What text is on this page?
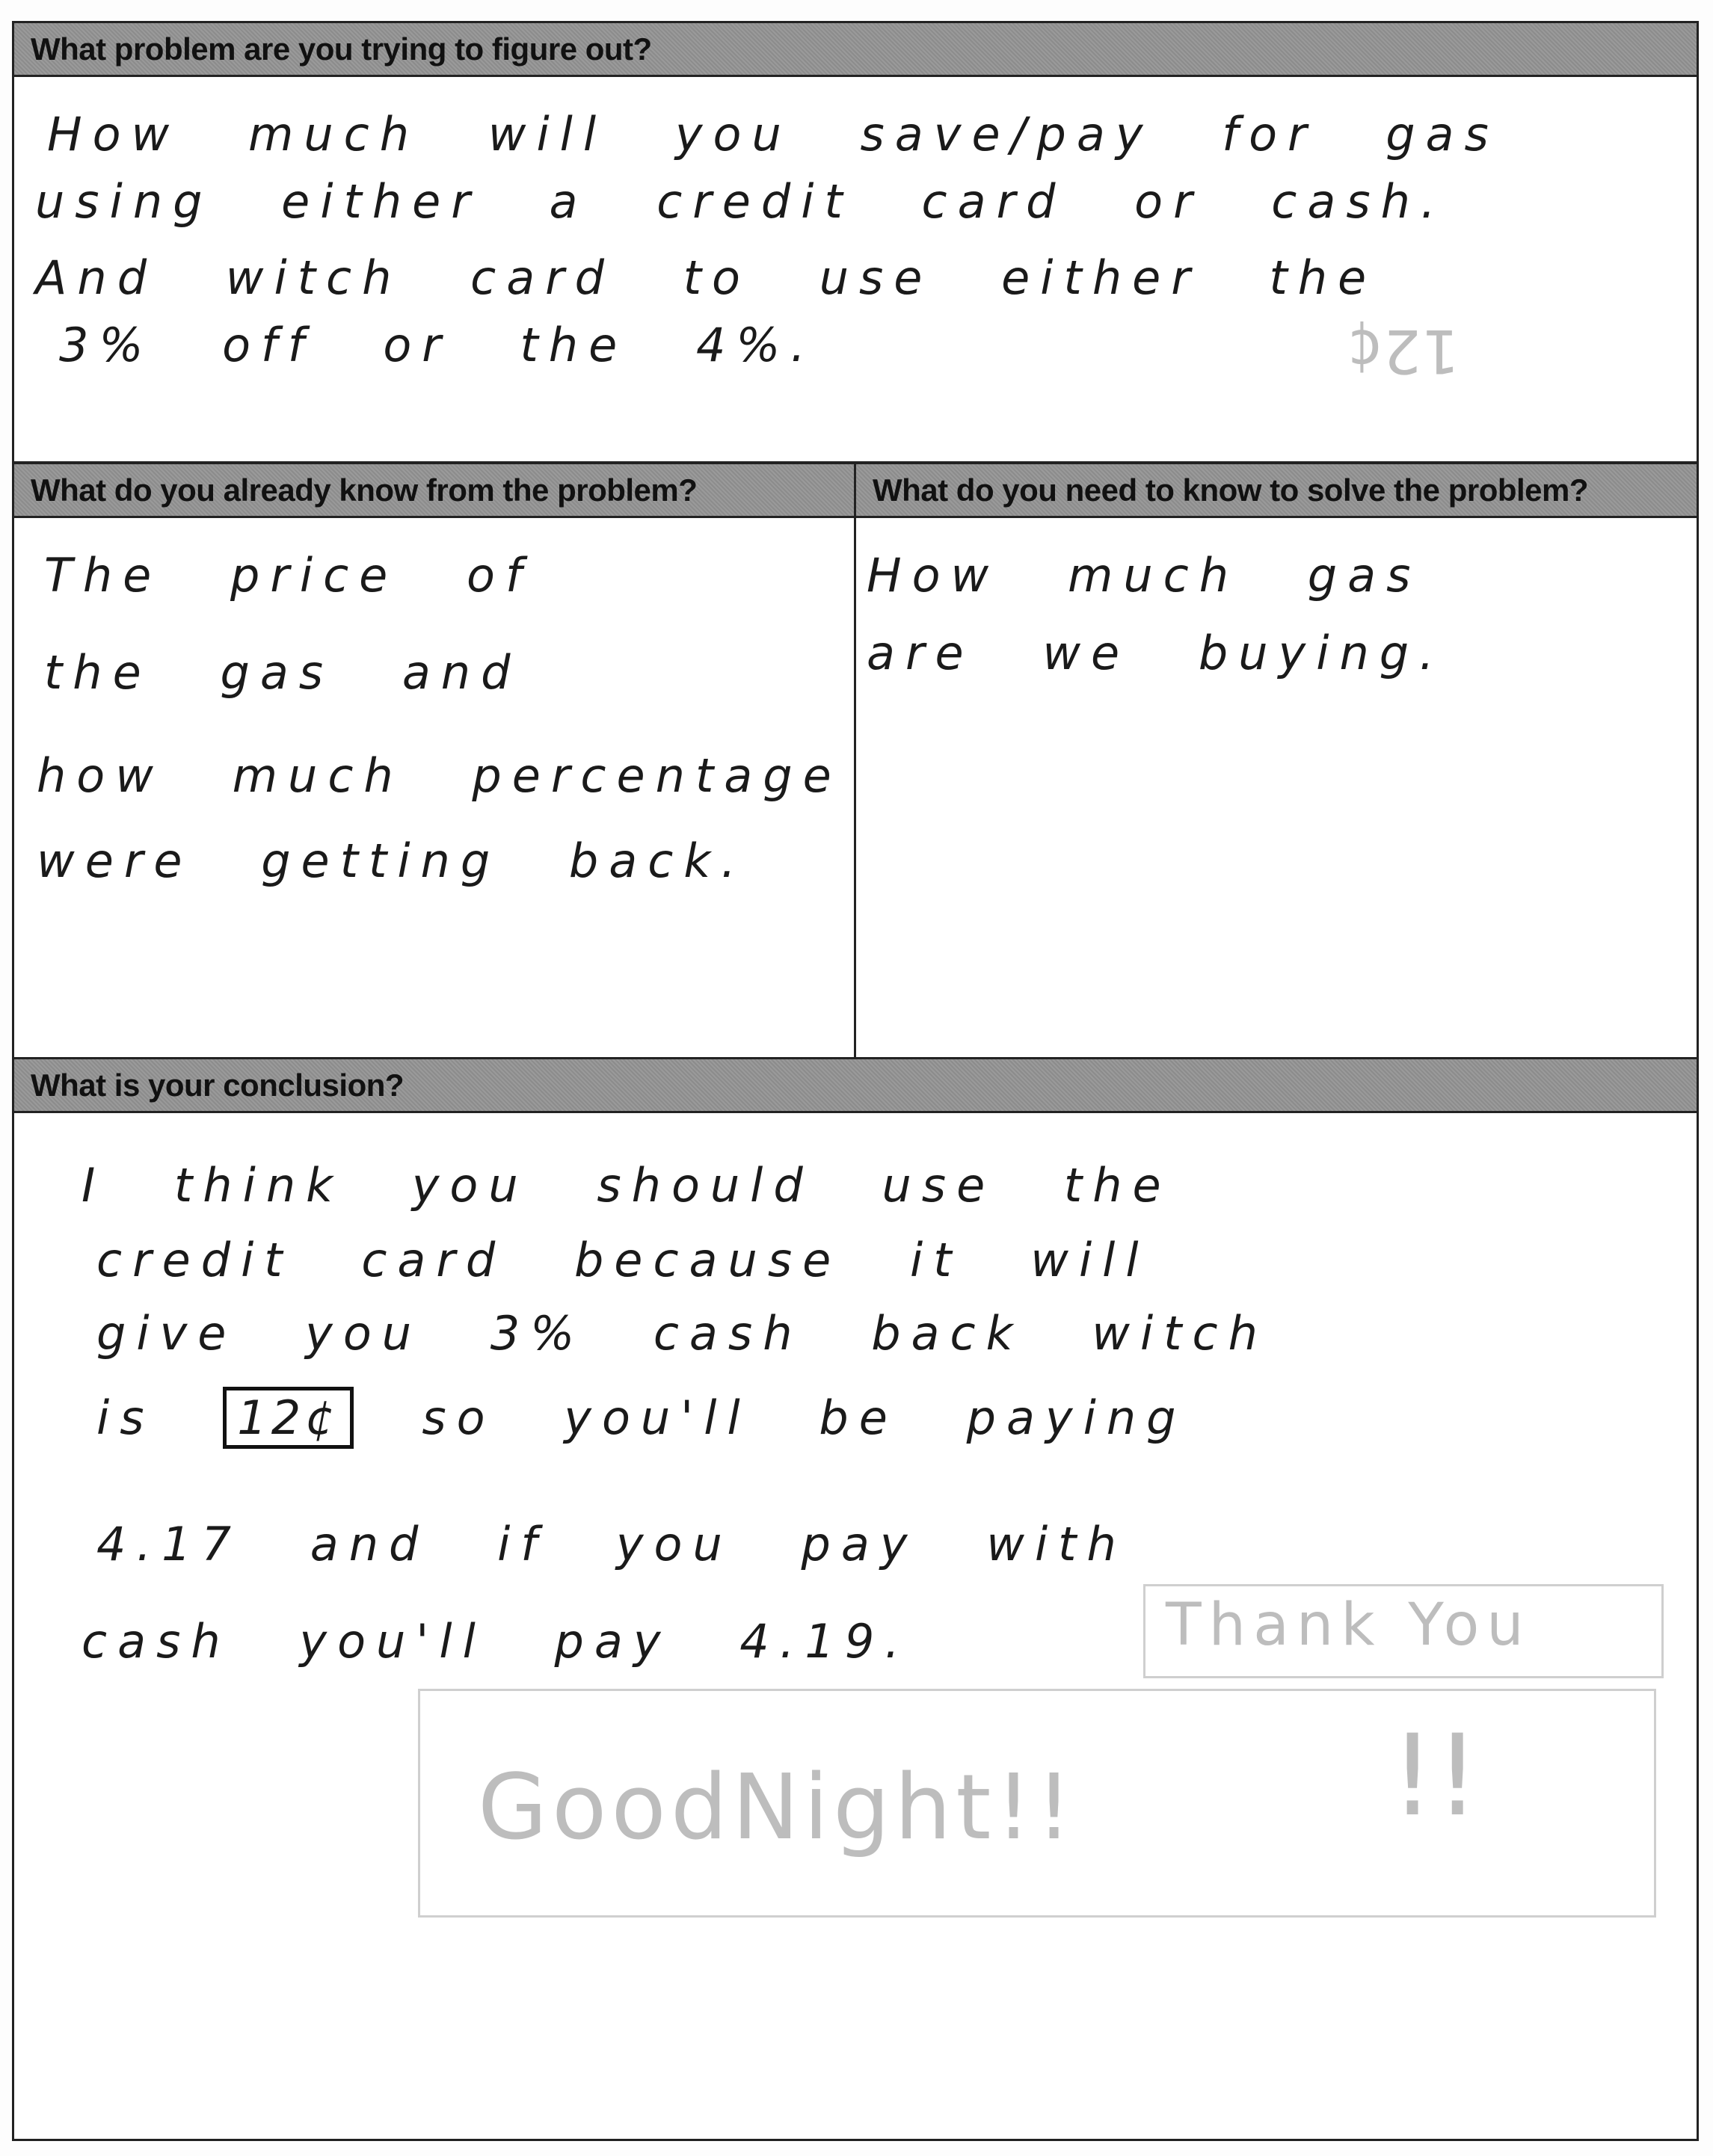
What problem are you trying to figure out?
How much will you save/pay for gas
using either a credit card or cash.
And witch card to use either the
3% off or the 4%.	12¢
What do you already know from the problem?
The price of
the gas and
how much percentage
were getting back.
What do you need to know to solve the problem?
How much gas
are we buying.
What is your conclusion?
I think you should use the
credit card because it will
give you 3% cash back witch
is 12¢ so you'll be paying
4.17 and if you pay with
cash you'll pay 4.19.	Thank You
GoodNight!!	!!
